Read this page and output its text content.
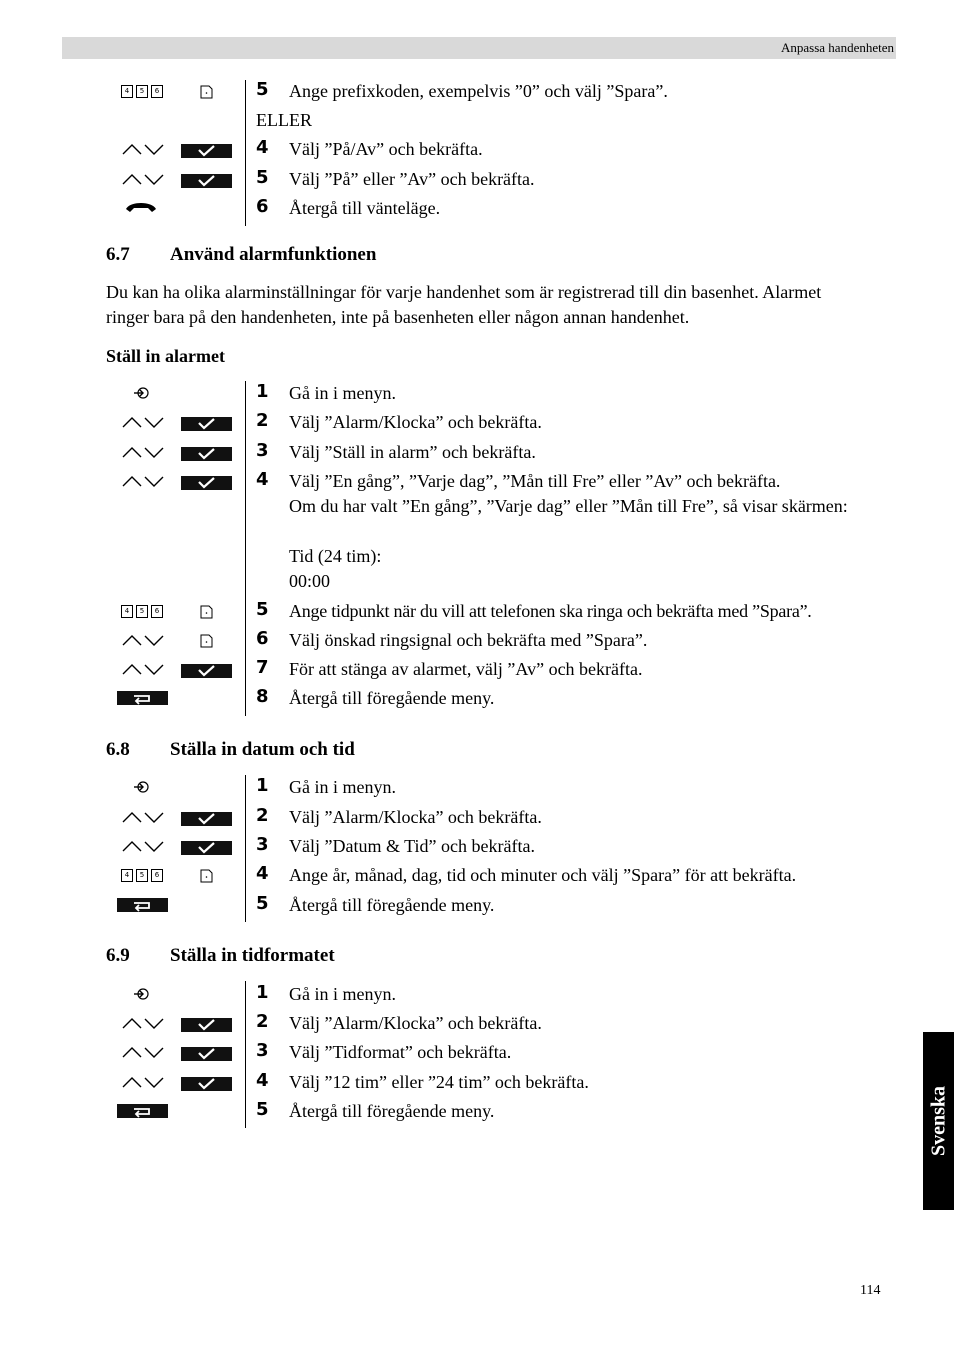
Anpassa handenheten
4	5	6	5 Ange prefixkoden, exempelvis ”0” och välj ”Spara”.
ELLER
4 Välj ”På/Av” och bekräfta.
5 Välj ”På” eller ”Av” och bekräfta.
6 Återgå till vänteläge.
6.7 Använd alarmfunktionen
Du kan ha olika alarminställningar för varje handenhet som är registrerad till din basenhet. Alarmet ringer bara på den handenheten, inte på basenheten eller någon annan handenhet.
Ställ in alarmet
1 Gå in i menyn.
2 Välj ”Alarm/Klocka” och bekräfta.
3 Välj ”Ställ in alarm” och bekräfta.
4 Välj ”En gång”, ”Varje dag”, ”Mån till Fre” eller ”Av” och bekräfta.
Om du har valt ”En gång”, ”Varje dag” eller ”Mån till Fre”, så visar skärmen:
Tid (24 tim):
00:00
4	5	6	5 Ange tidpunkt när du vill att telefonen ska ringa och bekräfta med ”Spara”.
6 Välj önskad ringsignal och bekräfta med ”Spara”.
7 För att stänga av alarmet, välj ”Av” och bekräfta.
8 Återgå till föregående meny.
6.8 Ställa in datum och tid
1 Gå in i menyn.
2 Välj ”Alarm/Klocka” och bekräfta.
3 Välj ”Datum & Tid” och bekräfta.
4	5	6	4 Ange år, månad, dag, tid och minuter och välj ”Spara” för att bekräfta.
5 Återgå till föregående meny.
6.9 Ställa in tidformatet
1 Gå in i menyn.
2 Välj ”Alarm/Klocka” och bekräfta.
3 Välj ”Tidformat” och bekräfta.
4 Välj ”12 tim” eller ”24 tim” och bekräfta.
5 Återgå till föregående meny.	Svenska
114
